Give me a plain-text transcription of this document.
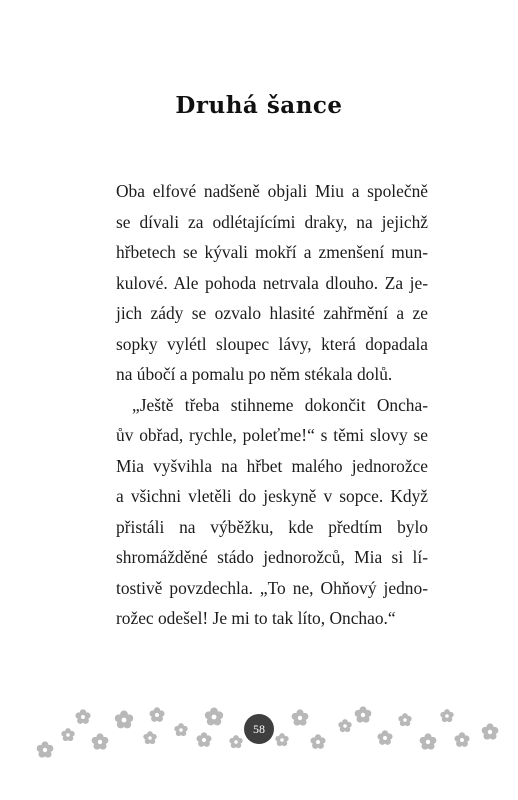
Druhá šance
Oba elfové nadšeně objali Miu a společně
se dívali za odlétajícími draky, na jejichž
hřbetech se kývali mokří a zmenšení mun-
kulové. Ale pohoda netrvala dlouho. Za je-
jich zády se ozvalo hlasité zahřmění a ze
sopky vylétl sloupec lávy, která dopadala
na úbočí a pomalu po něm stékala dolů.
„Ještě třeba stihneme dokončit Oncha-
ův obřad, rychle, poleťme!“ s těmi slovy se
Mia vyšvihla na hřbet malého jednorožce
a všichni vletěli do jeskyně v sopce. Když
přistáli na výběžku, kde předtím bylo
shromážděné stádo jednorožců, Mia si lí-
tostivě povzdechla. „To ne, Ohňový jedno-
rožec odešel! Je mi to tak líto, Onchao.“
58
